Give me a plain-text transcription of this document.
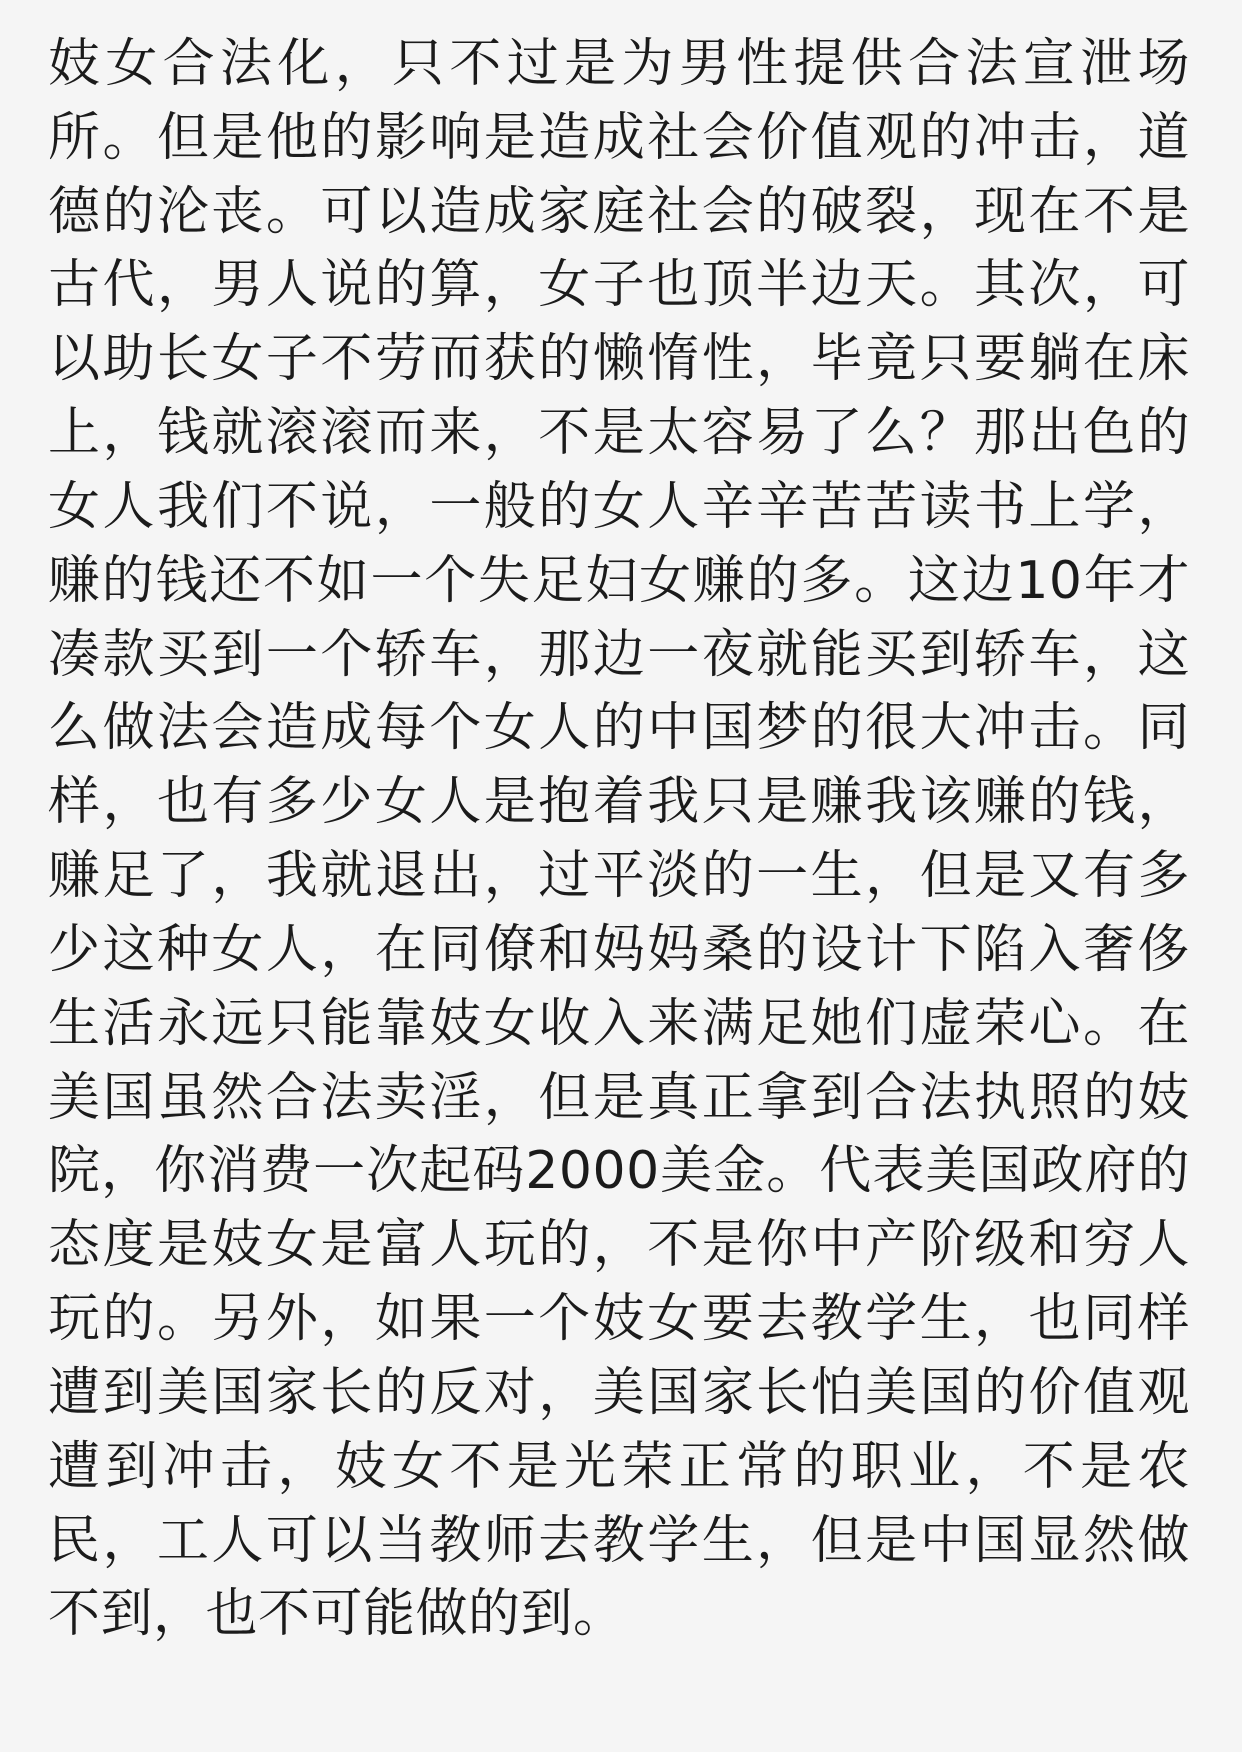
妓女合法化，只不过是为男性提供合法宣泄场所。但是他的影响是造成社会价值观的冲击，道德的沦丧。可以造成家庭社会的破裂，现在不是古代，男人说的算，女子也顶半边天。其次，可以助长女子不劳而获的懒惰性，毕竟只要躺在床上，钱就滚滚而来，不是太容易了么？那出色的女人我们不说，一般的女人辛辛苦苦读书上学，赚的钱还不如一个失足妇女赚的多。这边10年才凑款买到一个轿车，那边一夜就能买到轿车，这么做法会造成每个女人的中国梦的很大冲击。同样，也有多少女人是抱着我只是赚我该赚的钱，赚足了，我就退出，过平淡的一生，但是又有多少这种女人，在同僚和妈妈桑的设计下陷入奢侈生活永远只能靠妓女收入来满足她们虚荣心。在美国虽然合法卖淫，但是真正拿到合法执照的妓院，你消费一次起码2000美金。代表美国政府的态度是妓女是富人玩的，不是你中产阶级和穷人玩的。另外，如果一个妓女要去教学生，也同样遭到美国家长的反对，美国家长怕美国的价值观遭到冲击，妓女不是光荣正常的职业，不是农民，工人可以当教师去教学生，但是中国显然做不到，也不可能做的到。
